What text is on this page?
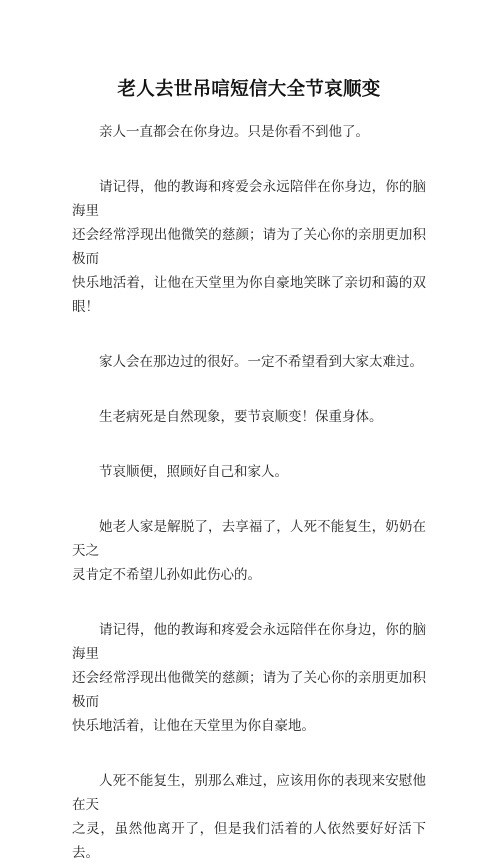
老人去世吊唁短信大全节哀顺变

亲人一直都会在你身边。只是你看不到他了。

请记得，他的教诲和疼爱会永远陪伴在你身边，你的脑海里
还会经常浮现出他微笑的慈颜；请为了关心你的亲朋更加积极而
快乐地活着，让他在天堂里为你自豪地笑眯了亲切和蔼的双眼！

家人会在那边过的很好。一定不希望看到大家太难过。

生老病死是自然现象，要节哀顺变！保重身体。

节哀顺便，照顾好自己和家人。

她老人家是解脱了，去享福了，人死不能复生，奶奶在天之
灵肯定不希望儿孙如此伤心的。

请记得，他的教诲和疼爱会永远陪伴在你身边，你的脑海里
还会经常浮现出他微笑的慈颜；请为了关心你的亲朋更加积极而
快乐地活着，让他在天堂里为你自豪地。

人死不能复生，别那么难过，应该用你的表现来安慰他在天
之灵，虽然他离开了，但是我们活着的人依然要好好活下去。
